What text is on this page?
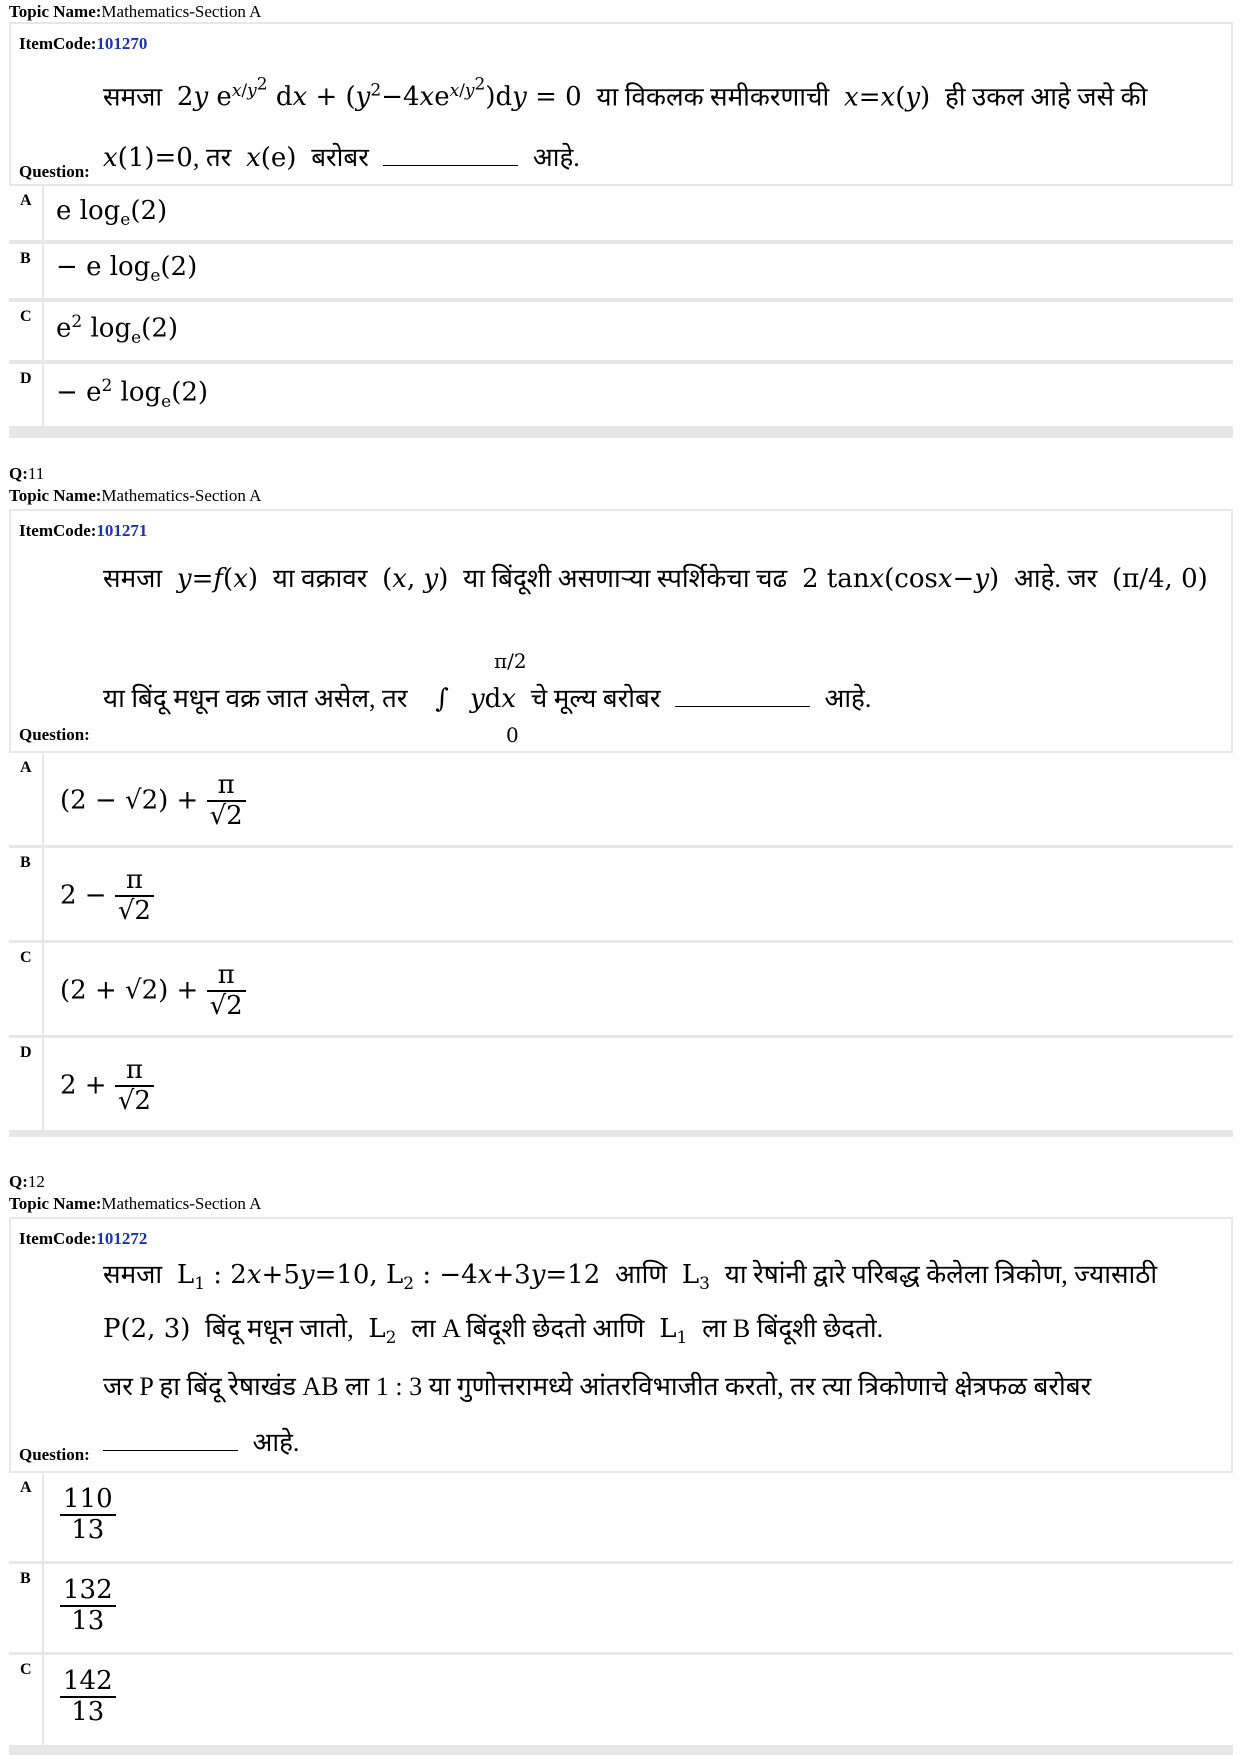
Topic Name:Mathematics-Section A
ItemCode:101270
समजा  2y $e^{x/y^2}$ dx + $(y^2-4xe^{x/y^2})dy = 0$  या विकलक समीकरणाची x=x(y)  ही उकल आहे जसे की
x(1)=0, तर x(e)  बरोबर	आहे.
Question:
A e $\log_e(2)$
B − e $\log_e(2)$
C $e^2$ $\log_e(2)$
$D - e^2$ $\log_e(2)$
Q:11
Topic Name:Mathematics-Section A
ItemCode:101271
समजा y=f(x)  या वक्रावर  (x, y)  या बिंदूशी असणाऱ्या स्पर्शिकेचा चढ  2 tanx(cosx−y)  आहे. जर  (π/4, 0)
π/2
0
या बिंदू मधून वक्र जात असेल, तर ∫ ydx चे मूल्य बरोबर	आहे.
Question:
A
$(2 - √2) + \frac{\pi}{√2}$
B
$2 - \frac{\pi}{√2}$
C
$(2 + √2) + \frac{\pi}{√2}$
D
$2 + \frac{\pi}{√2}$
Q:12
Topic Name:Mathematics-Section A
ItemCode:101272
समजा  $L_1$ : 2x+5y=10, $L_2$ : −4x+3y=12  आणि  $L_3$ या रेषांनी द्वारे परिबद्ध केलेला त्रिकोण, ज्यासाठी
P(2, 3)  बिंदू मधून जातो,  $L_2$ ला A बिंदूशी छेदतो आणि  $L_1$ ला B बिंदूशी छेदतो.
जर P हा बिंदू रेषाखंड AB ला 1 : 3 या गुणोत्तरामध्ये आंतरविभाजीत करतो, तर त्या त्रिकोणाचे क्षेत्रफळ बरोबर
आहे.
Question:
A $\frac{110}{13}$
B $\frac{132}{13}$
C $\frac{142}{13}$
